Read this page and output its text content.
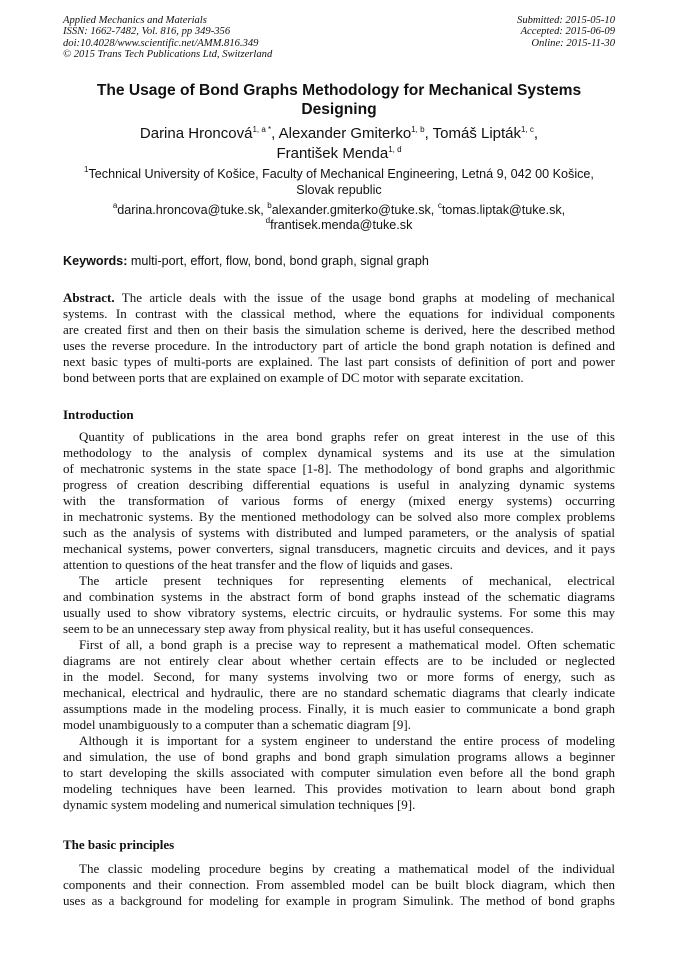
Applied Mechanics and Materials
ISSN: 1662-7482, Vol. 816, pp 349-356
doi:10.4028/www.scientific.net/AMM.816.349
© 2015 Trans Tech Publications Ltd, Switzerland
Submitted: 2015-05-10
Accepted: 2015-06-09
Online: 2015-11-30
The Usage of Bond Graphs Methodology for Mechanical Systems
Designing
Darina Hroncová$^{1, a *}$, Alexander Gmiterko$^{1, b}$, Tomáš Lipták$^{1, c}$,
František Menda$^{1, d}$
$^1$Technical University of Košice, Faculty of Mechanical Engineering, Letná 9, 042 00 Košice,
Slovak republic
$^a$darina.hroncova@tuke.sk, $^b$alexander.gmiterko@tuke.sk, $^c$tomas.liptak@tuke.sk,
$^d$frantisek.menda@tuke.sk
Keywords: multi-port, effort, flow, bond, bond graph, signal graph
Abstract. The article deals with the issue of the usage bond graphs at modeling of mechanical
systems. In contrast with the classical method, where the equations for individual components
are created first and then on their basis the simulation scheme is derived, here the described method
uses the reverse procedure. In the introductory part of article the bond graph notation is defined and
next basic types of multi-ports are explained. The last part consists of definition of port and power
bond between ports that are explained on example of DC motor with separate excitation.
Introduction
Quantity of publications in the area bond graphs refer on great interest in the use of this
methodology to the analysis of complex dynamical systems and its use at the simulation
of mechatronic systems in the state space [1-8]. The methodology of bond graphs and algorithmic
progress of creation describing differential equations is useful in analyzing dynamic systems
with the transformation of various forms of energy (mixed energy systems) occurring
in mechatronic systems. By the mentioned methodology can be solved also more complex problems
such as the analysis of systems with distributed and lumped parameters, or the analysis of spatial
mechanical systems, power converters, signal transducers, magnetic circuits and devices, and it pays
attention to questions of the heat transfer and the flow of liquids and gases.
The article present techniques for representing elements of mechanical, electrical
and combination systems in the abstract form of bond graphs instead of the schematic diagrams
usually used to show vibratory systems, electric circuits, or hydraulic systems. For some this may
seem to be an unnecessary step away from physical reality, but it has useful consequences.
First of all, a bond graph is a precise way to represent a mathematical model. Often schematic
diagrams are not entirely clear about whether certain effects are to be included or neglected
in the model. Second, for many systems involving two or more forms of energy, such as
mechanical, electrical and hydraulic, there are no standard schematic diagrams that clearly indicate
assumptions made in the modeling process. Finally, it is much easier to communicate a bond graph
model unambiguously to a computer than a schematic diagram [9].
Although it is important for a system engineer to understand the entire process of modeling
and simulation, the use of bond graphs and bond graph simulation programs allows a beginner
to start developing the skills associated with computer simulation even before all the bond graph
modeling techniques have been learned. This provides motivation to learn about bond graph
dynamic system modeling and numerical simulation techniques [9].
The basic principles
The classic modeling procedure begins by creating a mathematical model of the individual
components and their connection. From assembled model can be built block diagram, which then
uses as a background for modeling for example in program Simulink. The method of bond graphs
